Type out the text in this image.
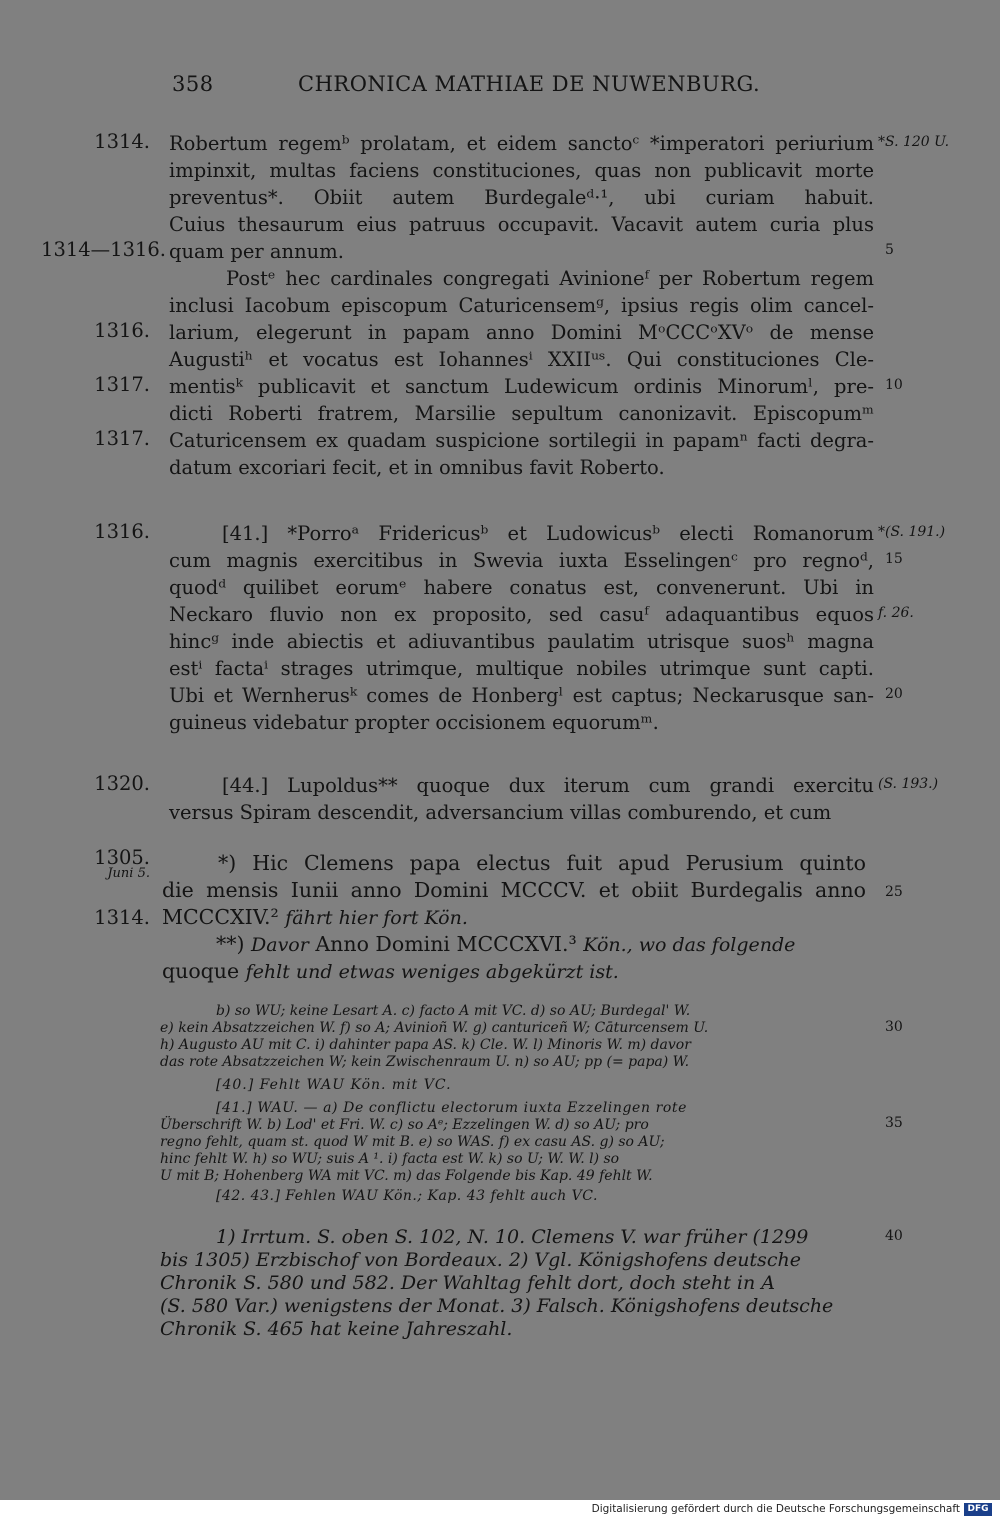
358	CHRONICA MATHIAE DE NUWENBURG.
Robertum regemᵇ prolatam, et eidem sanctoᶜ *imperatori periurium
impinxit, multas faciens constituciones, quas non publicavit morte
preventus*. Obiit autem Burdegaleᵈ·¹, ubi curiam habuit.
Cuius thesaurum eius patruus occupavit. Vacavit autem curia plus
quam per annum.
Postᵉ hec cardinales congregati Avinioneᶠ per Robertum regem
inclusi Iacobum episcopum Caturicensemᵍ, ipsius regis olim cancel-
larium, elegerunt in papam anno Domini MᵒCCCᵒXVᵒ de mense
Augustiʰ et vocatus est Iohannesⁱ XXIIᵘˢ. Qui constituciones Cle-
mentisᵏ publicavit et sanctum Ludewicum ordinis Minorumˡ, pre-
dicti Roberti fratrem, Marsilie sepultum canonizavit. Episcopumᵐ
Caturicensem ex quadam suspicione sortilegii in papamⁿ facti degra-
datum excoriari fecit, et in omnibus favit Roberto.
[41.] *Porroᵃ Fridericusᵇ et Ludowicusᵇ electi Romanorum
cum magnis exercitibus in Swevia iuxta Esselingenᶜ pro regnoᵈ,
quodᵈ quilibet eorumᵉ habere conatus est, convenerunt. Ubi in
Neckaro fluvio non ex proposito, sed casuᶠ adaquantibus equos
hincᵍ inde abiectis et adiuvantibus paulatim utrisque suosʰ magna
estⁱ factaⁱ strages utrimque, multique nobiles utrimque sunt capti.
Ubi et Wernherusᵏ comes de Honbergˡ est captus; Neckarusque san-
guineus videbatur propter occisionem equorumᵐ.
[44.] Lupoldus** quoque dux iterum cum grandi exercitu
versus Spiram descendit, adversancium villas comburendo, et cum
1314.
1314—1316.
1316.
1317.
1317.
1316.
1320.
1305.
Juni 5.
1314.
*S. 120 U.
*(S. 191.)
f. 26.
(S. 193.)
5
10
15
20
25
30
35
40
*) Hic Clemens papa electus fuit apud Perusium quinto
die mensis Iunii anno Domini MCCCV. et obiit Burdegalis anno
MCCCXIV.² fährt hier fort Kön.
**) Davor Anno Domini MCCCXVI.³ Kön., wo das folgende
quoque fehlt und etwas weniges abgekürzt ist.
b) so WU; keine Lesart A. c) facto A mit VC. d) so AU; Burdegal' W.
e) kein Absatzzeichen W. f) so A; Avinioñ W. g) canturiceñ W; Cāturcensem U.
h) Augusto AU mit C. i) dahinter papa AS. k) Cle. W. l) Minoris W. m) davor
das rote Absatzzeichen W; kein Zwischenraum U. n) so AU; pp (= papa) W.
[40.] Fehlt WAU Kön. mit VC.
[41.] WAU. — a) De conflictu electorum iuxta Ezzelingen rote
Überschrift W. b) Lod' et Fri. W. c) so Aᵉ; Ezzelingen W. d) so AU; pro
regno fehlt, quam st. quod W mit B. e) so WAS. f) ex casu AS. g) so AU;
hinc fehlt W. h) so WU; suis A ¹. i) facta est W. k) so U; W. W. l) so
U mit B; Hohenberg WA mit VC. m) das Folgende bis Kap. 49 fehlt W.
[42. 43.] Fehlen WAU Kön.; Kap. 43 fehlt auch VC.
1) Irrtum. S. oben S. 102, N. 10. Clemens V. war früher (1299
bis 1305) Erzbischof von Bordeaux. 2) Vgl. Königshofens deutsche
Chronik S. 580 und 582. Der Wahltag fehlt dort, doch steht in A
(S. 580 Var.) wenigstens der Monat. 3) Falsch. Königshofens deutsche
Chronik S. 465 hat keine Jahreszahl.
Digitalisierung gefördert durch die Deutsche Forschungsgemeinschaft DFG
